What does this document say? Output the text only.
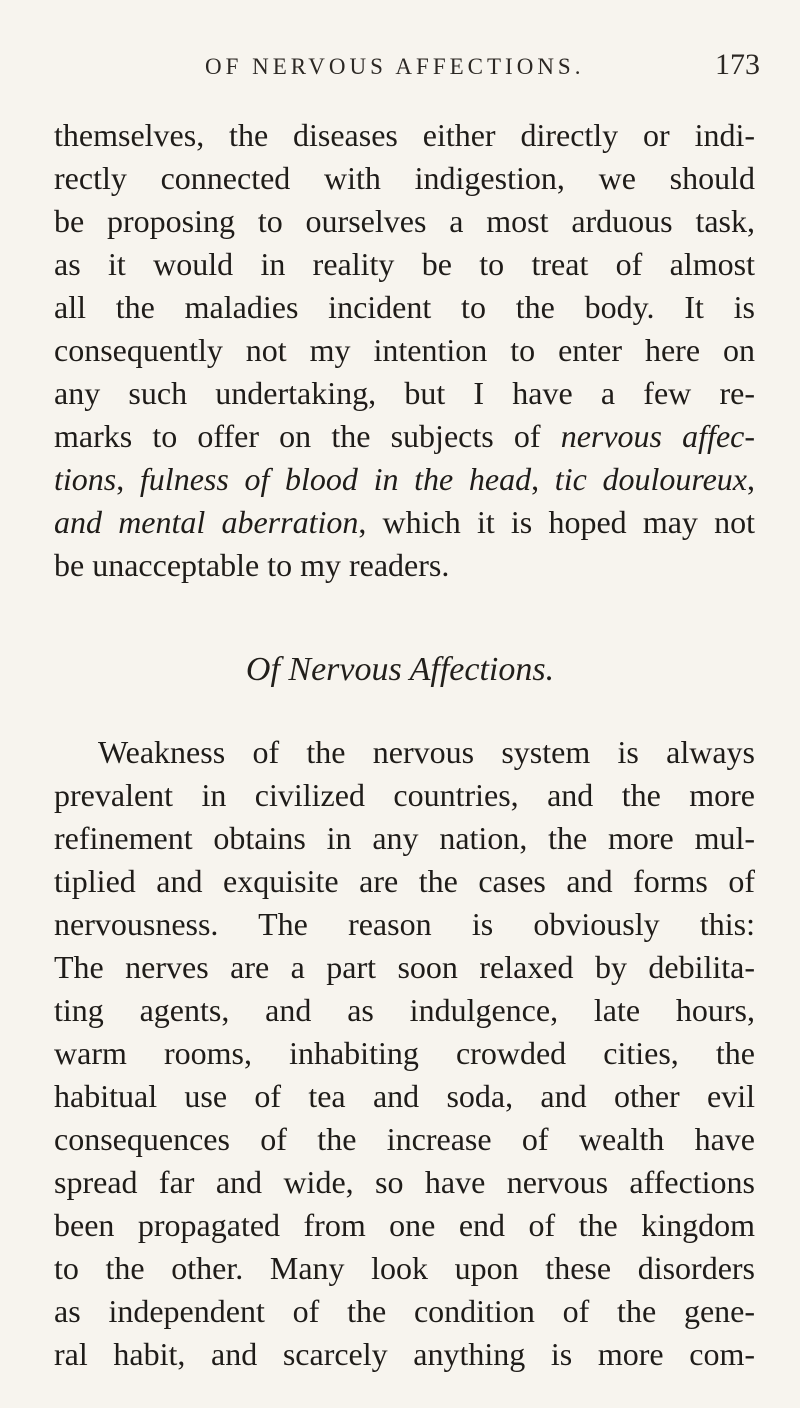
OF NERVOUS AFFECTIONS.	173
themselves, the diseases either directly or indi-
rectly connected with indigestion, we should
be proposing to ourselves a most arduous task,
as it would in reality be to treat of almost
all the maladies incident to the body. It is
consequently not my intention to enter here on
any such undertaking, but I have a few re-
marks to offer on the subjects of nervous affec-
tions, fulness of blood in the head, tic douloureux,
and mental aberration, which it is hoped may not
be unacceptable to my readers.
Of Nervous Affections.
Weakness of the nervous system is always
prevalent in civilized countries, and the more
refinement obtains in any nation, the more mul-
tiplied and exquisite are the cases and forms of
nervousness. The reason is obviously this:
The nerves are a part soon relaxed by debilita-
ting agents, and as indulgence, late hours,
warm rooms, inhabiting crowded cities, the
habitual use of tea and soda, and other evil
consequences of the increase of wealth have
spread far and wide, so have nervous affections
been propagated from one end of the kingdom
to the other. Many look upon these disorders
as independent of the condition of the gene-
ral habit, and scarcely anything is more com-
